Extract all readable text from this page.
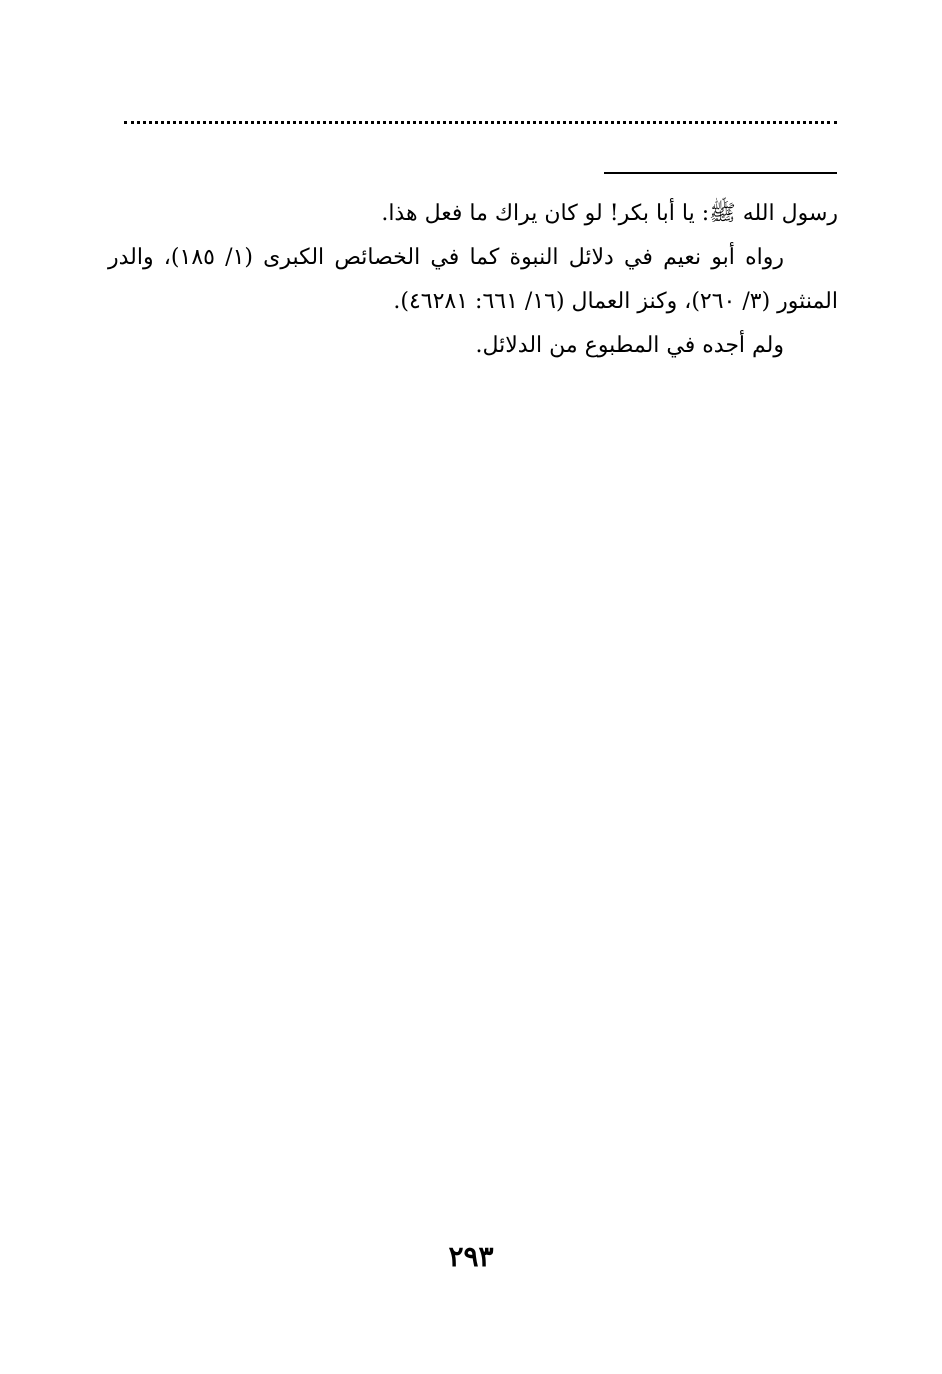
رسول الله ﷺ: يا أبا بكر! لو كان يراك ما فعل هذا.

رواه أبو نعيم في دلائل النبوة كما في الخصائص الكبرى (١/ ١٨٥)، والدر المنثور (٣/ ٢٦٠)، وكنز العمال (١٦/ ٦٦١: ٤٦٢٨١).

ولم أجده في المطبوع من الدلائل.

٢٩٣
